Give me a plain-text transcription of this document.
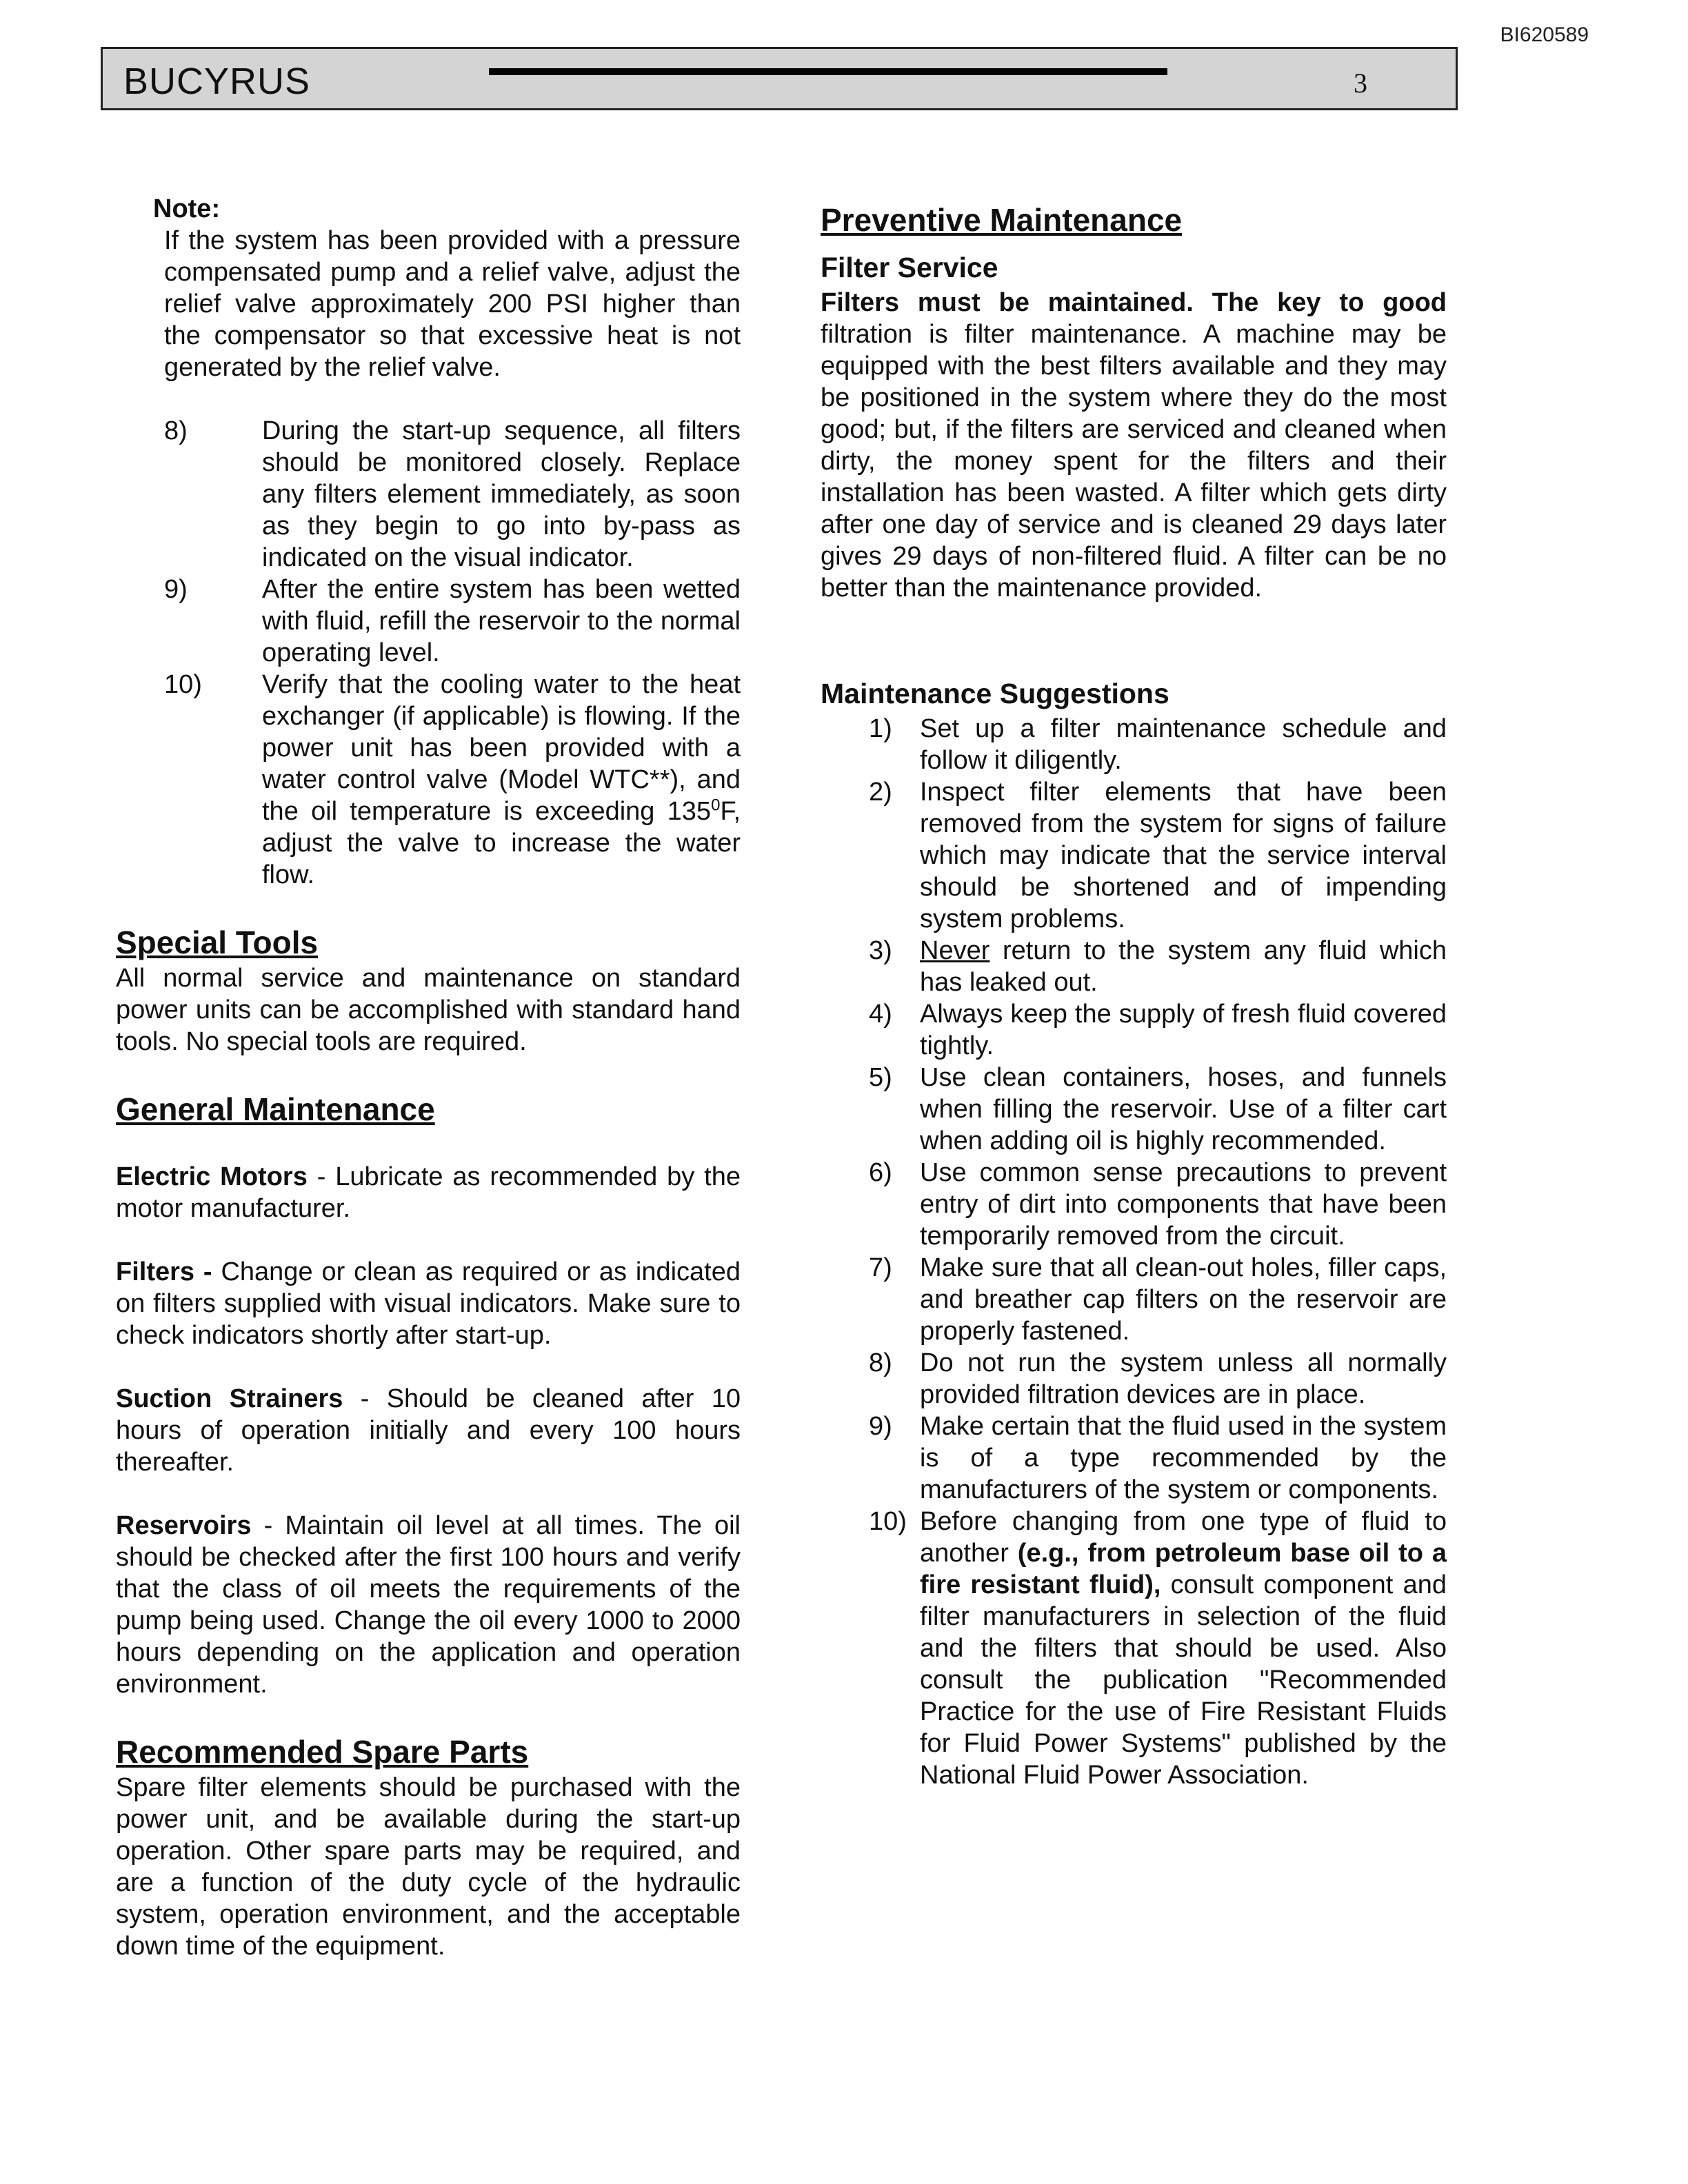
BI620589
BUCYRUS	3

Note:

If the system has been provided with a pressure compensated pump and a relief valve, adjust the relief valve approximately 200 PSI higher than the compensator so that excessive heat is not generated by the relief valve.

8)	During the start-up sequence, all filters should be monitored closely. Replace any filters element immediately, as soon as they begin to go into by-pass as indicated on the visual indicator.
9)	After the entire system has been wetted with fluid, refill the reservoir to the normal operating level.
10) Verify that the cooling water to the heat exchanger (if applicable) is flowing. If the power unit has been provided with a water control valve (Model WTC**), and the oil temperature is exceeding $135^0F$, adjust the valve to increase the water flow.
Special Tools

All normal service and maintenance on standard power units can be accomplished with standard hand tools. No special tools are required.

General Maintenance

Electric Motors - Lubricate as recommended by the motor manufacturer.

Filters - Change or clean as required or as indicated on filters supplied with visual indicators. Make sure to check indicators shortly after start-up.

Suction Strainers - Should be cleaned after 10 hours of operation initially and every 100 hours thereafter.

Reservoirs - Maintain oil level at all times. The oil should be checked after the first 100 hours and verify that the class of oil meets the requirements of the pump being used. Change the oil every 1000 to 2000 hours depending on the application and operation environment.

Recommended Spare Parts

Spare filter elements should be purchased with the power unit, and be available during the start-up operation. Other spare parts may be required, and are a function of the duty cycle of the hydraulic system, operation environment, and the acceptable down time of the equipment.

Preventive Maintenance
Filter Service

Filters must be maintained. The key to good filtration is filter maintenance. A machine may be equipped with the best filters available and they may be positioned in the system where they do the most good; but, if the filters are serviced and cleaned when dirty, the money spent for the filters and their installation has been wasted. A filter which gets dirty after one day of service and is cleaned 29 days later gives 29 days of non-filtered fluid. A filter can be no better than the maintenance provided.

Maintenance Suggestions
1) Set up a filter maintenance schedule and follow it diligently.
2) Inspect filter elements that have been removed from the system for signs of failure which may indicate that the service interval should be shortened and of impending system problems.
3) Never return to the system any fluid which has leaked out.
4) Always keep the supply of fresh fluid covered tightly.
5) Use clean containers, hoses, and funnels when filling the reservoir. Use of a filter cart when adding oil is highly recommended.
6) Use common sense precautions to prevent entry of dirt into components that have been temporarily removed from the circuit.
7) Make sure that all clean-out holes, filler caps, and breather cap filters on the reservoir are properly fastened.
8) Do not run the system unless all normally provided filtration devices are in place.
9) Make certain that the fluid used in the system is of a type recommended by the manufacturers of the system or components.
10) Before changing from one type of fluid to another (e.g., from petroleum base oil to a fire resistant fluid), consult component and filter manufacturers in selection of the fluid and the filters that should be used. Also consult the publication "Recommended Practice for the use of Fire Resistant Fluids for Fluid Power Systems" published by the National Fluid Power Association.
